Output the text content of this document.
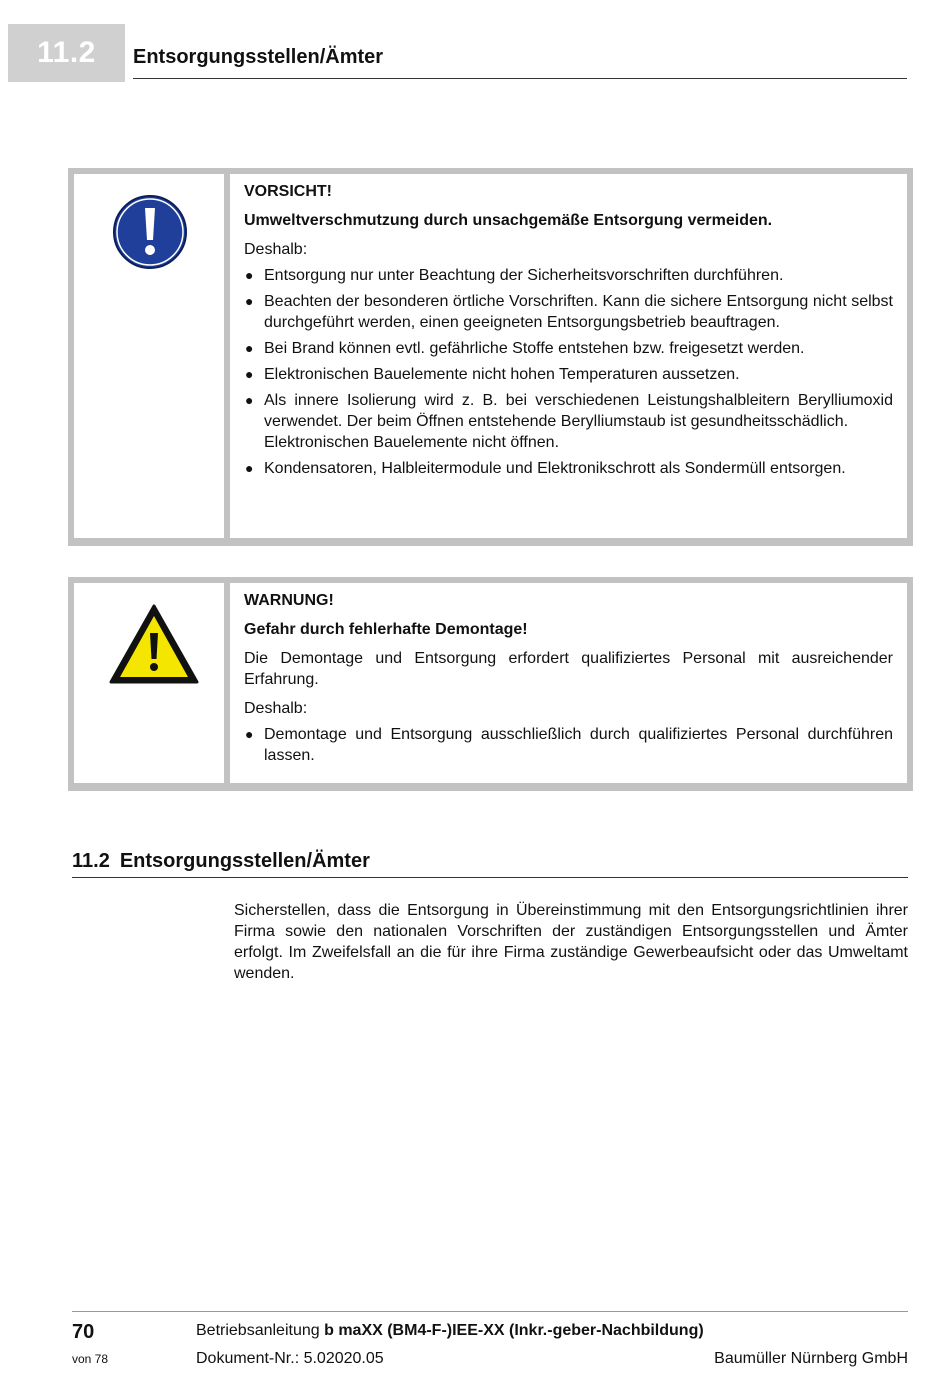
11.2 Entsorgungsstellen/Ämter
VORSICHT!
Umweltverschmutzung durch unsachgemäße Entsorgung vermeiden.

Deshalb:

● Entsorgung nur unter Beachtung der Sicherheitsvorschriften durchführen.
● Beachten der besonderen örtliche Vorschriften. Kann die sichere Entsorgung nicht selbst durchgeführt werden, einen geeigneten Entsorgungsbetrieb beauftragen.
● Bei Brand können evtl. gefährliche Stoffe entstehen bzw. freigesetzt werden.
● Elektronischen Bauelemente nicht hohen Temperaturen aussetzen.
● Als innere Isolierung wird z. B. bei verschiedenen Leistungshalbleitern Berylliumoxid verwendet. Der beim Öffnen entstehende Berylliumstaub ist gesundheitsschädlich.
Elektronischen Bauelemente nicht öffnen.
● Kondensatoren, Halbleitermodule und Elektronikschrott als Sondermüll entsorgen.
WARNUNG!
Gefahr durch fehlerhafte Demontage!

Die Demontage und Entsorgung erfordert qualifiziertes Personal mit ausreichender Erfahrung.

Deshalb:

● Demontage und Entsorgung ausschließlich durch qualifiziertes Personal durchführen lassen.
11.2 Entsorgungsstellen/Ämter
Sicherstellen, dass die Entsorgung in Übereinstimmung mit den Entsorgungsrichtlinien ihrer Firma sowie den nationalen Vorschriften der zuständigen Entsorgungsstellen und Ämter erfolgt. Im Zweifelsfall an die für ihre Firma zuständige Gewerbeaufsicht oder das Umweltamt wenden.
70
von 78
Betriebsanleitung b maXX (BM4-F-)IEE-XX (Inkr.-geber-Nachbildung)
Dokument-Nr.: 5.02020.05	Baumüller Nürnberg GmbH
